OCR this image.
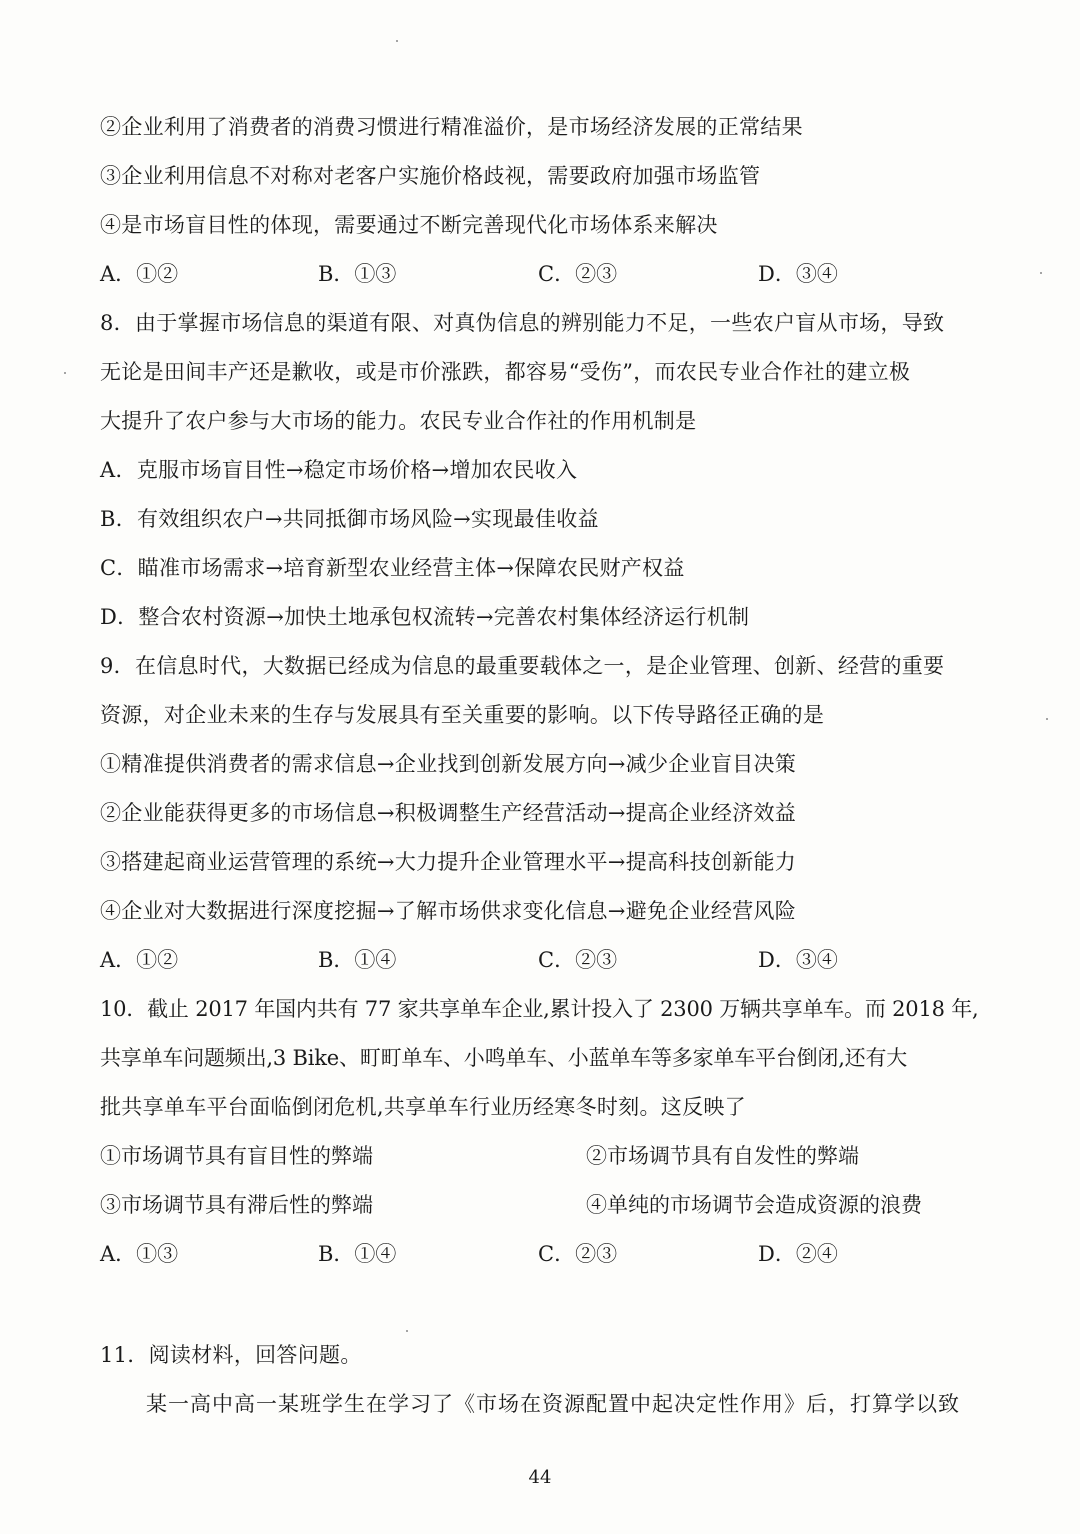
②企业利用了消费者的消费习惯进行精准溢价，是市场经济发展的正常结果
③企业利用信息不对称对老客户实施价格歧视，需要政府加强市场监管
④是市场盲目性的体现，需要通过不断完善现代化市场体系来解决
A．①②	B．①③	C．②③	D．③④
8．由于掌握市场信息的渠道有限、对真伪信息的辨别能力不足，一些农户盲从市场，导致
无论是田间丰产还是歉收，或是市价涨跌，都容易“受伤”，而农民专业合作社的建立极
大提升了农户参与大市场的能力。农民专业合作社的作用机制是
A．克服市场盲目性→稳定市场价格→增加农民收入
B．有效组织农户→共同抵御市场风险→实现最佳收益
C．瞄准市场需求→培育新型农业经营主体→保障农民财产权益
D．整合农村资源→加快土地承包权流转→完善农村集体经济运行机制
9．在信息时代，大数据已经成为信息的最重要载体之一，是企业管理、创新、经营的重要
资源，对企业未来的生存与发展具有至关重要的影响。以下传导路径正确的是
①精准提供消费者的需求信息→企业找到创新发展方向→减少企业盲目决策
②企业能获得更多的市场信息→积极调整生产经营活动→提高企业经济效益
③搭建起商业运营管理的系统→大力提升企业管理水平→提高科技创新能力
④企业对大数据进行深度挖掘→了解市场供求变化信息→避免企业经营风险
A．①②	B．①④	C．②③	D．③④
10．截止 2017 年国内共有 77 家共享单车企业,累计投入了 2300 万辆共享单车。而 2018 年,
共享单车问题频出,3 Bike、町町单车、小鸣单车、小蓝单车等多家单车平台倒闭,还有大
批共享单车平台面临倒闭危机,共享单车行业历经寒冬时刻。这反映了
①市场调节具有盲目性的弊端	②市场调节具有自发性的弊端
③市场调节具有滞后性的弊端	④单纯的市场调节会造成资源的浪费
A．①③	B．①④	C．②③	D．②④
11．阅读材料，回答问题。
某一高中高一某班学生在学习了《市场在资源配置中起决定性作用》后，打算学以致
44
